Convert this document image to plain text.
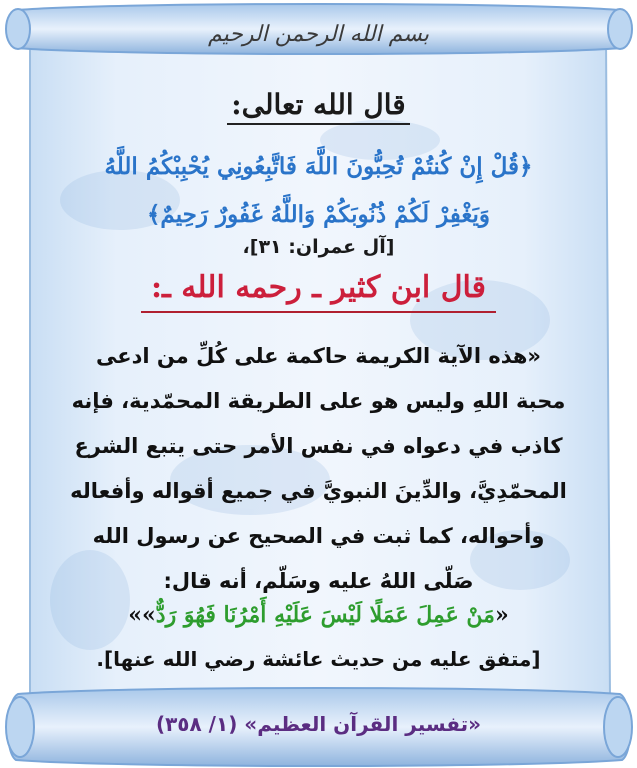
بسم الله الرحمن الرحيم
قال الله تعالى:
﴿قُلْ إِنْ كُنتُمْ تُحِبُّونَ اللَّهَ فَاتَّبِعُونِي يُحْبِبْكُمُ اللَّهُ
وَيَغْفِرْ لَكُمْ ذُنُوبَكُمْ وَاللَّهُ غَفُورٌ رَحِيمٌ﴾
[آل عمران: ٣١]،
قال ابن كثير ـ رحمه الله ـ:
«هذه الآية الكريمة حاكمة على كُلِّ من ادعى
محبة اللهِ وليس هو على الطريقة المحمّدية، فإنه
كاذب في دعواه في نفس الأمر حتى يتبع الشرع
المحمّدِيَّ، والدِّينَ النبويَّ في جميع أقواله وأفعاله
وأحواله، كما ثبت في الصحيح عن رسول الله
صَلّى اللهُ عليه وسَلّم، أنه قال:
«مَنْ عَمِلَ عَمَلًا لَيْسَ عَلَيْهِ أَمْرُنَا فَهُوَ رَدٌّ»»
[متفق عليه من حديث عائشة رضي الله عنها].
«تفسير القرآن العظيم» (١/ ٣٥٨)
